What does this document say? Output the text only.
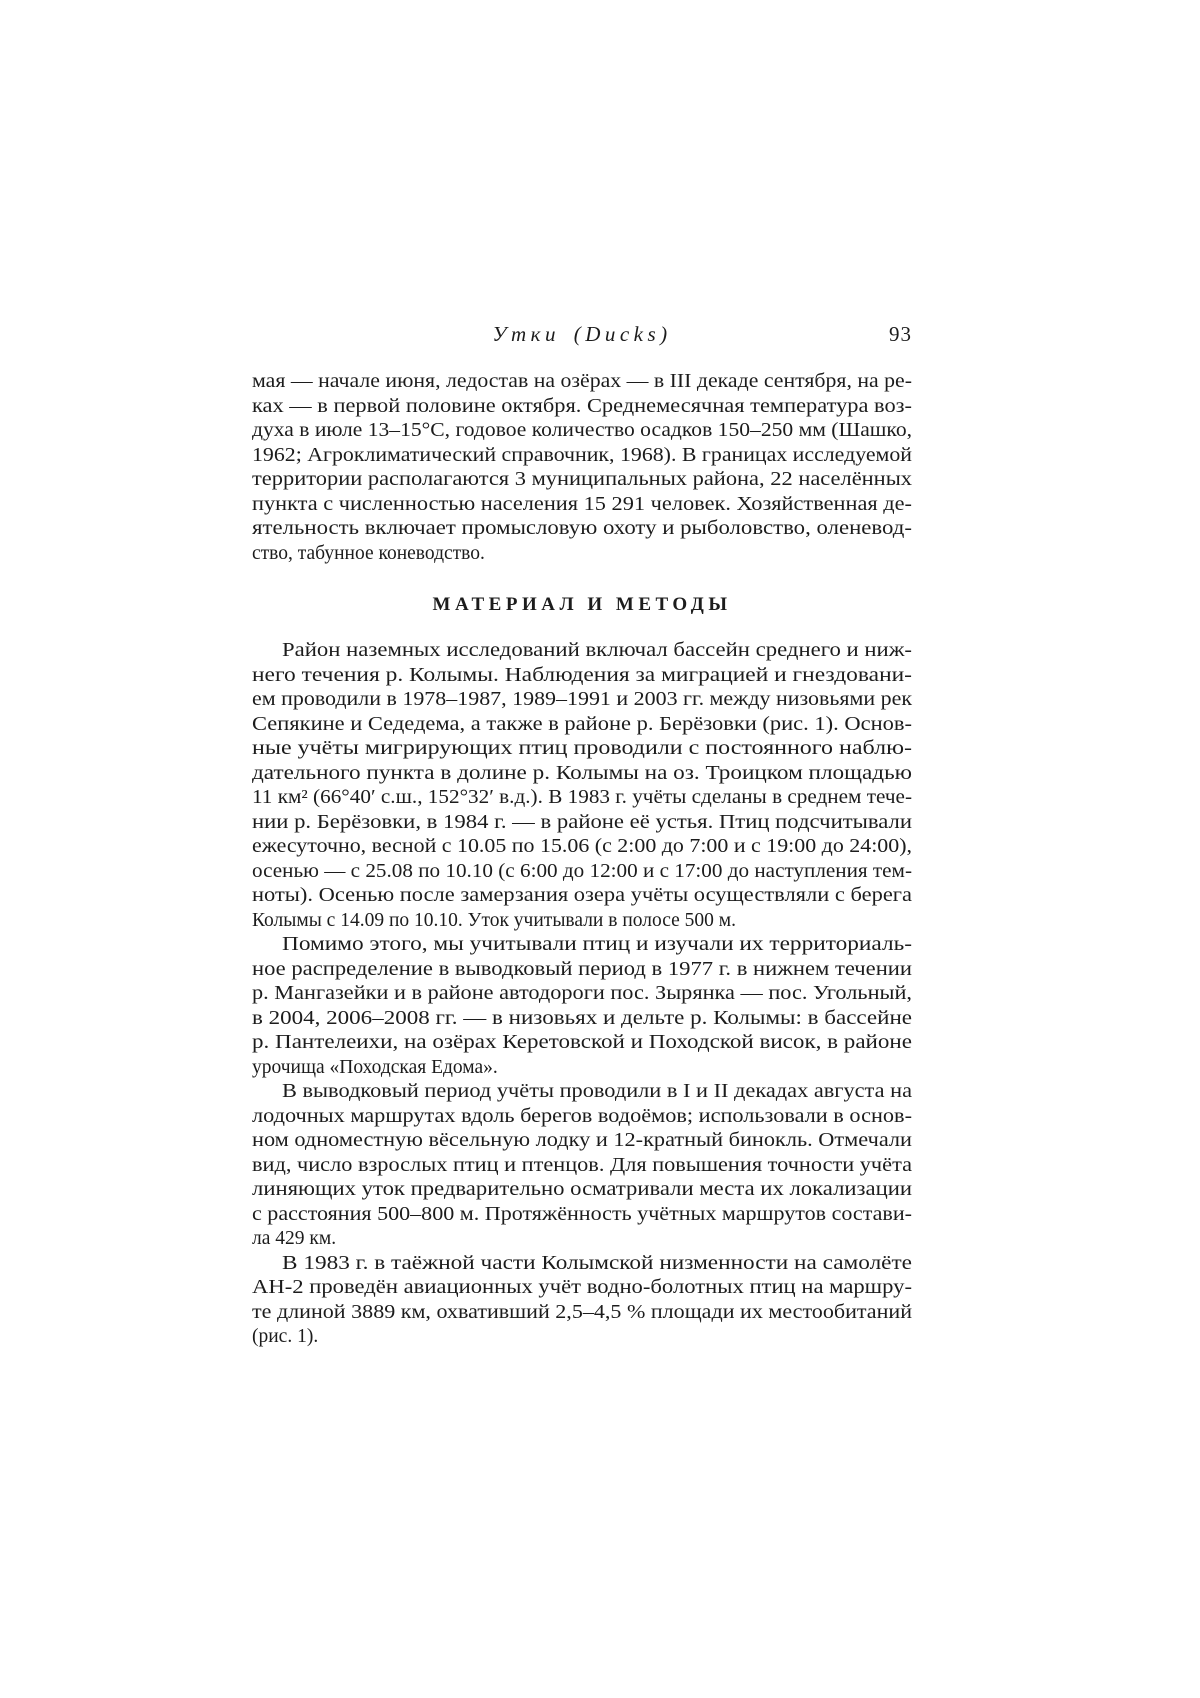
Утки (Ducks)	93
мая — начале июня, ледостав на озёрах — в III декаде сентября, на ре-
ках — в первой половине октября. Среднемесячная температура воз-
духа в июле 13–15°С, годовое количество осадков 150–250 мм (Шашко,
1962; Агроклиматический справочник, 1968). В границах исследуемой
территории располагаются 3 муниципальных района, 22 населённых
пункта с численностью населения 15 291 человек. Хозяйственная де-
ятельность включает промысловую охоту и рыболовство, оленевод-
ство, табунное коневодство.
МАТЕРИАЛ И МЕТОДЫ
Район наземных исследований включал бассейн среднего и ниж-
него течения р. Колымы. Наблюдения за миграцией и гнездовани-
ем проводили в 1978–1987, 1989–1991 и 2003 гг. между низовьями рек
Сепякине и Седедема, а также в районе р. Берёзовки (рис. 1). Основ-
ные учёты мигрирующих птиц проводили с постоянного наблю-
дательного пункта в долине р. Колымы на оз. Троицком площадью
11 км² (66°40′ с.ш., 152°32′ в.д.). В 1983 г. учёты сделаны в среднем тече-
нии р. Берёзовки, в 1984 г. — в районе её устья. Птиц подсчитывали
ежесуточно, весной с 10.05 по 15.06 (с 2:00 до 7:00 и с 19:00 до 24:00),
осенью — с 25.08 по 10.10 (с 6:00 до 12:00 и с 17:00 до наступления тем-
ноты). Осенью после замерзания озера учёты осуществляли с берега
Колымы с 14.09 по 10.10. Уток учитывали в полосе 500 м.
Помимо этого, мы учитывали птиц и изучали их территориаль-
ное распределение в выводковый период в 1977 г. в нижнем течении
р. Мангазейки и в районе автодороги пос. Зырянка — пос. Угольный,
в 2004, 2006–2008 гг. — в низовьях и дельте р. Колымы: в бассейне
р. Пантелеихи, на озёрах Керетовской и Походской висок, в районе
урочища «Походская Едома».
В выводковый период учёты проводили в I и II декадах августа на
лодочных маршрутах вдоль берегов водоёмов; использовали в основ-
ном одноместную вёсельную лодку и 12-кратный бинокль. Отмечали
вид, число взрослых птиц и птенцов. Для повышения точности учёта
линяющих уток предварительно осматривали места их локализации
с расстояния 500–800 м. Протяжённость учётных маршрутов состави-
ла 429 км.
В 1983 г. в таёжной части Колымской низменности на самолёте
АН-2 проведён авиационных учёт водно-болотных птиц на маршру-
те длиной 3889 км, охвативший 2,5–4,5 % площади их местообитаний
(рис. 1).
